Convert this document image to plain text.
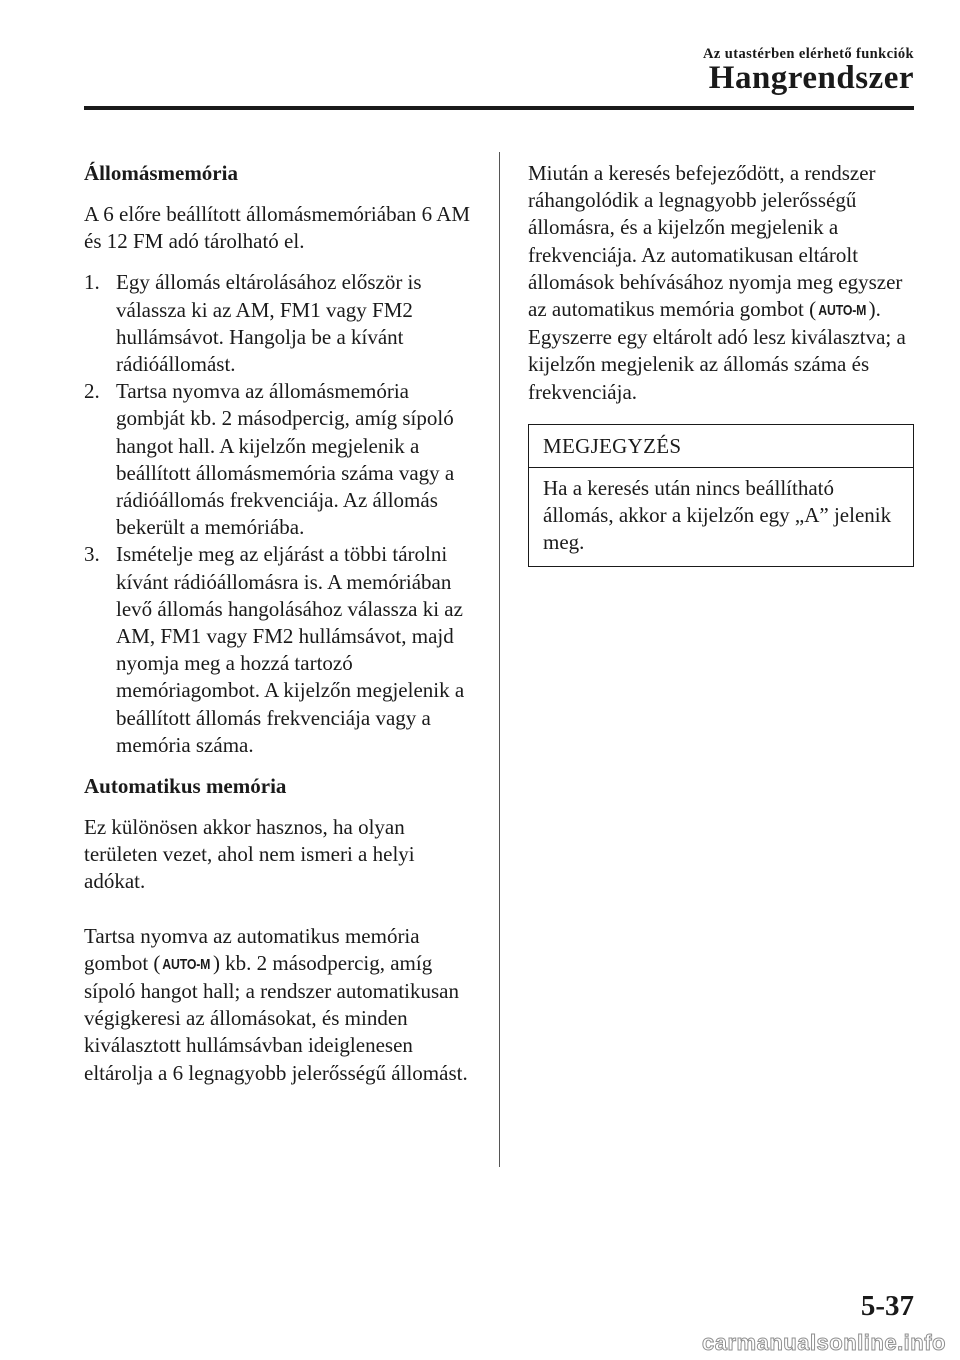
Az utastérben elérhető funkciók
Hangrendszer
Állomásmemória
A 6 előre beállított állomásmemóriában 6 AM és 12 FM adó tárolható el.
1. Egy állomás eltárolásához először is válassza ki az AM, FM1 vagy FM2 hullámsávot. Hangolja be a kívánt rádióállomást.
2. Tartsa nyomva az állomásmemória gombját kb. 2 másodpercig, amíg sípoló hangot hall. A kijelzőn megjelenik a beállított állomásmemória száma vagy a rádióállomás frekvenciája. Az állomás bekerült a memóriába.
3. Ismételje meg az eljárást a többi tárolni kívánt rádióállomásra is. A memóriában levő állomás hangolásához válassza ki az AM, FM1 vagy FM2 hullámsávot, majd nyomja meg a hozzá tartozó memóriagombot. A kijelzőn megjelenik a beállított állomás frekvenciája vagy a memória száma.
Automatikus memória
Ez különösen akkor hasznos, ha olyan területen vezet, ahol nem ismeri a helyi adókat.
Tartsa nyomva az automatikus memória gombot ( AUTO-M ) kb. 2 másodpercig, amíg sípoló hangot hall; a rendszer automatikusan végigkeresi az állomásokat, és minden kiválasztott hullámsávban ideiglenesen eltárolja a 6 legnagyobb jelerősségű állomást.
Miután a keresés befejeződött, a rendszer ráhangolódik a legnagyobb jelerősségű állomásra, és a kijelzőn megjelenik a frekvenciája. Az automatikusan eltárolt állomások behívásához nyomja meg egyszer az automatikus memória gombot ( AUTO-M ). Egyszerre egy eltárolt adó lesz kiválasztva; a kijelzőn megjelenik az állomás száma és frekvenciája.
MEGJEGYZÉS
Ha a keresés után nincs beállítható állomás, akkor a kijelzőn egy „A” jelenik meg.
5-37
carmanualsonline.info
